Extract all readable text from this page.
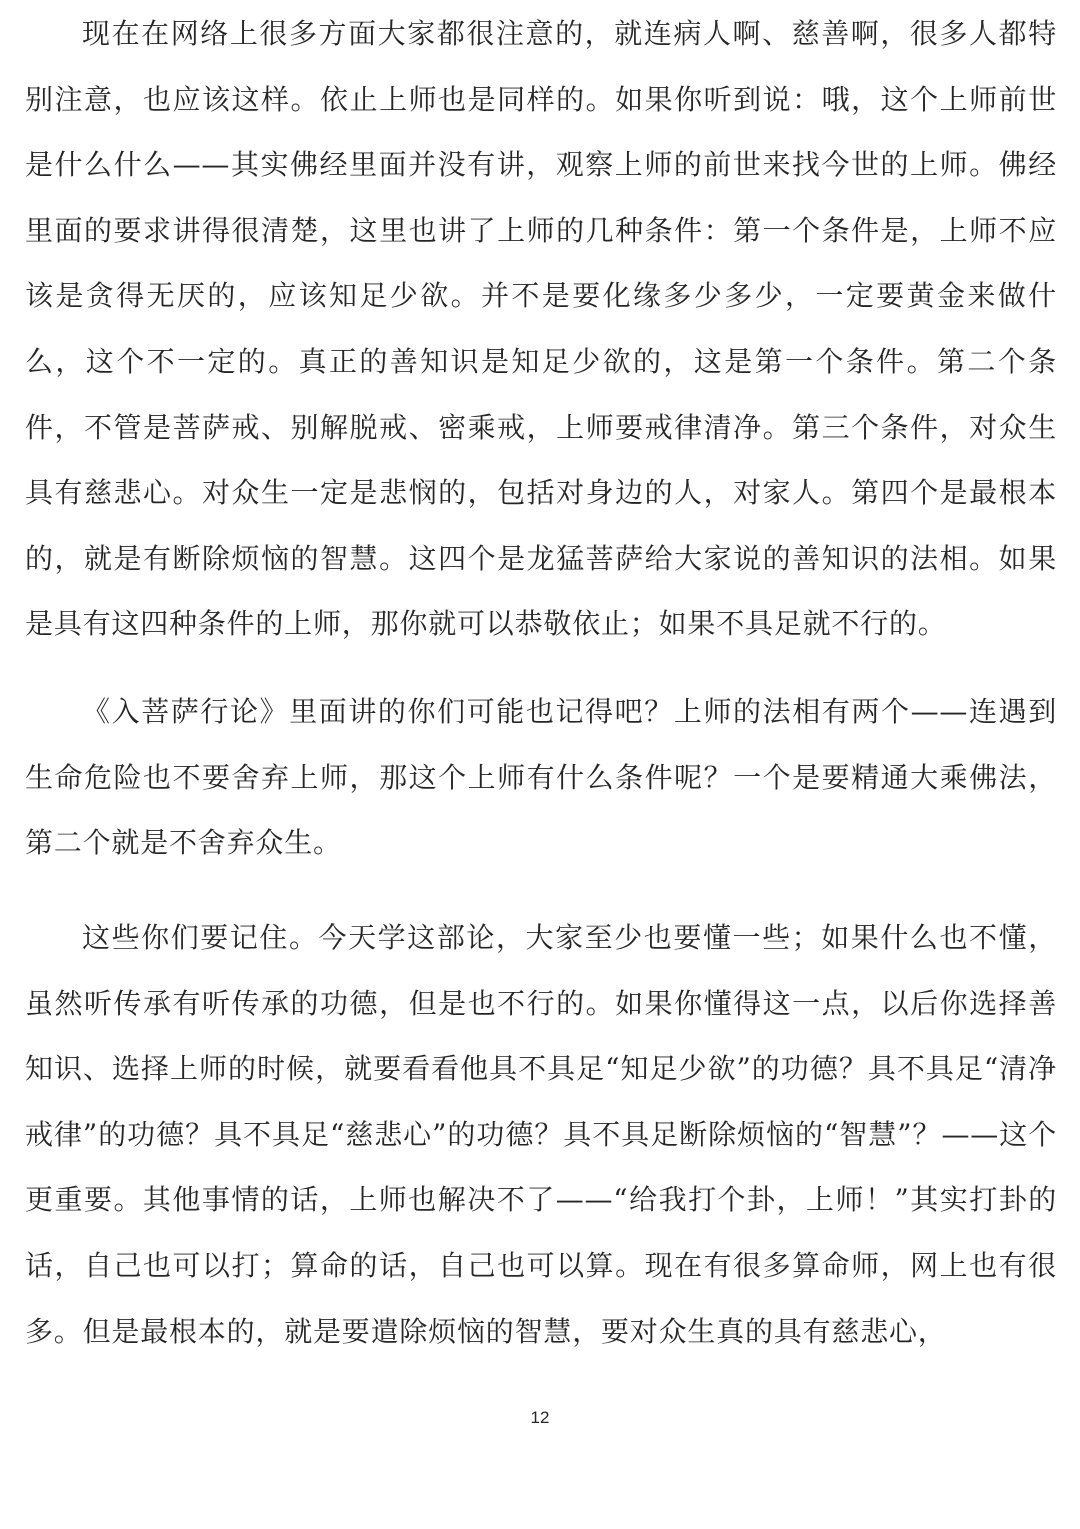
现在在网络上很多方面大家都很注意的，就连病人啊、慈善啊，很多人都特别注意，也应该这样。依止上师也是同样的。如果你听到说：哦，这个上师前世是什么什么——其实佛经里面并没有讲，观察上师的前世来找今世的上师。佛经里面的要求讲得很清楚，这里也讲了上师的几种条件：第一个条件是，上师不应该是贪得无厌的，应该知足少欲。并不是要化缘多少多少，一定要黄金来做什么，这个不一定的。真正的善知识是知足少欲的，这是第一个条件。第二个条件，不管是菩萨戒、别解脱戒、密乘戒，上师要戒律清净。第三个条件，对众生具有慈悲心。对众生一定是悲悯的，包括对身边的人，对家人。第四个是最根本的，就是有断除烦恼的智慧。这四个是龙猛菩萨给大家说的善知识的法相。如果是具有这四种条件的上师，那你就可以恭敬依止；如果不具足就不行的。

《入菩萨行论》里面讲的你们可能也记得吧？上师的法相有两个——连遇到生命危险也不要舍弃上师，那这个上师有什么条件呢？一个是要精通大乘佛法，第二个就是不舍弃众生。

这些你们要记住。今天学这部论，大家至少也要懂一些；如果什么也不懂，虽然听传承有听传承的功德，但是也不行的。如果你懂得这一点，以后你选择善知识、选择上师的时候，就要看看他具不具足“知足少欲”的功德？具不具足“清净戒律”的功德？具不具足“慈悲心”的功德？具不具足断除烦恼的“智慧”？——这个更重要。其他事情的话，上师也解决不了——“给我打个卦，上师！”其实打卦的话，自己也可以打；算命的话，自己也可以算。现在有很多算命师，网上也有很多。但是最根本的，就是要遣除烦恼的智慧，要对众生真的具有慈悲心，

12
